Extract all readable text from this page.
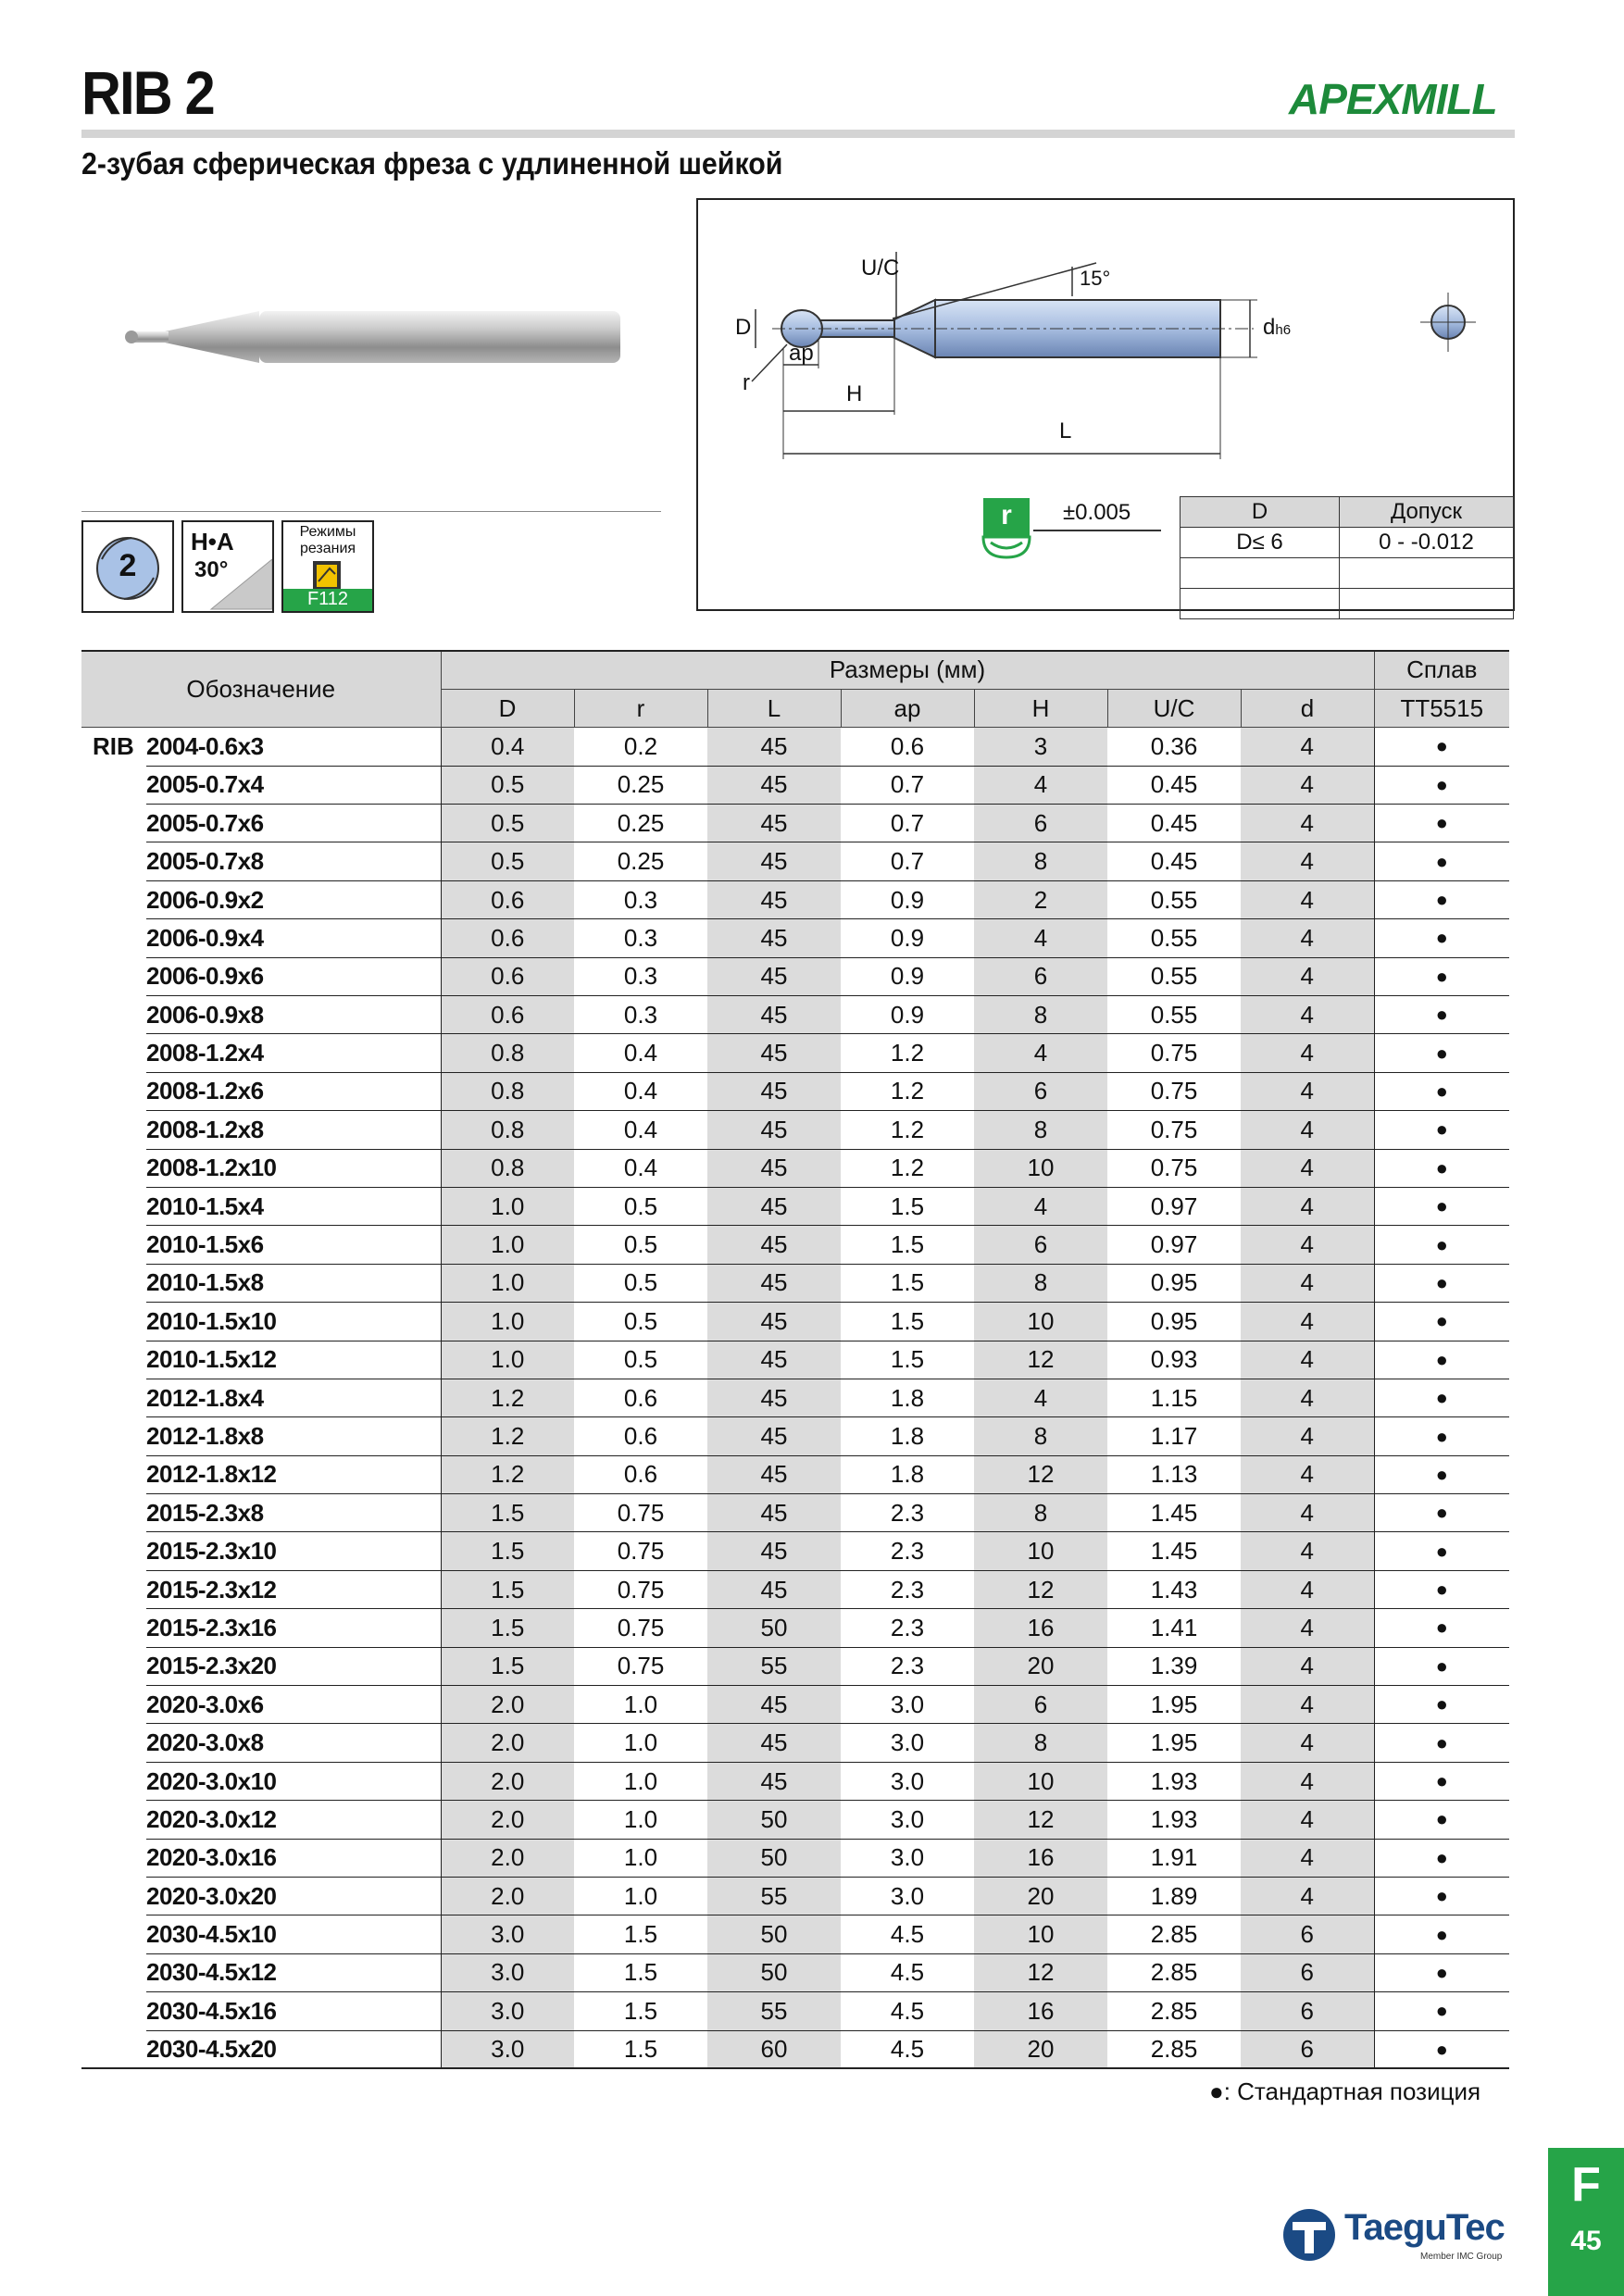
RIB 2	APEXMILL
2-зубая сферическая фреза с удлиненной шейкой
2
H•A
30°
Режимы
резания
F112
U/C	15°
D
ap
r	H
L
dh6
r	±0.005	D	Допуск
D≤ 6	0 - -0.012

Обозначение		Размеры (мм)							Сплав
		D	r	L	ap	H	U/C	d	TT5515
RIB	2004-0.6x3	0.4	0.2	45	0.6	3	0.36	4	●
	2005-0.7x4	0.5	0.25	45	0.7	4	0.45	4	●
	2005-0.7x6	0.5	0.25	45	0.7	6	0.45	4	●
	2005-0.7x8	0.5	0.25	45	0.7	8	0.45	4	●
	2006-0.9x2	0.6	0.3	45	0.9	2	0.55	4	●
	2006-0.9x4	0.6	0.3	45	0.9	4	0.55	4	●
	2006-0.9x6	0.6	0.3	45	0.9	6	0.55	4	●
	2006-0.9x8	0.6	0.3	45	0.9	8	0.55	4	●
	2008-1.2x4	0.8	0.4	45	1.2	4	0.75	4	●
	2008-1.2x6	0.8	0.4	45	1.2	6	0.75	4	●
	2008-1.2x8	0.8	0.4	45	1.2	8	0.75	4	●
	2008-1.2x10	0.8	0.4	45	1.2	10	0.75	4	●
	2010-1.5x4	1.0	0.5	45	1.5	4	0.97	4	●
	2010-1.5x6	1.0	0.5	45	1.5	6	0.97	4	●
	2010-1.5x8	1.0	0.5	45	1.5	8	0.95	4	●
	2010-1.5x10	1.0	0.5	45	1.5	10	0.95	4	●
	2010-1.5x12	1.0	0.5	45	1.5	12	0.93	4	●
	2012-1.8x4	1.2	0.6	45	1.8	4	1.15	4	●
	2012-1.8x8	1.2	0.6	45	1.8	8	1.17	4	●
	2012-1.8x12	1.2	0.6	45	1.8	12	1.13	4	●
	2015-2.3x8	1.5	0.75	45	2.3	8	1.45	4	●
	2015-2.3x10	1.5	0.75	45	2.3	10	1.45	4	●
	2015-2.3x12	1.5	0.75	45	2.3	12	1.43	4	●
	2015-2.3x16	1.5	0.75	50	2.3	16	1.41	4	●
	2015-2.3x20	1.5	0.75	55	2.3	20	1.39	4	●
	2020-3.0x6	2.0	1.0	45	3.0	6	1.95	4	●
	2020-3.0x8	2.0	1.0	45	3.0	8	1.95	4	●
	2020-3.0x10	2.0	1.0	45	3.0	10	1.93	4	●
	2020-3.0x12	2.0	1.0	50	3.0	12	1.93	4	●
	2020-3.0x16	2.0	1.0	50	3.0	16	1.91	4	●
	2020-3.0x20	2.0	1.0	55	3.0	20	1.89	4	●
	2030-4.5x10	3.0	1.5	50	4.5	10	2.85	6	●
	2030-4.5x12	3.0	1.5	50	4.5	12	2.85	6	●
	2030-4.5x16	3.0	1.5	55	4.5	16	2.85	6	●
	2030-4.5x20	3.0	1.5	60	4.5	20	2.85	6	●
●: Стандартная позиция
TaeguTec
Member IMC Group
F
45
